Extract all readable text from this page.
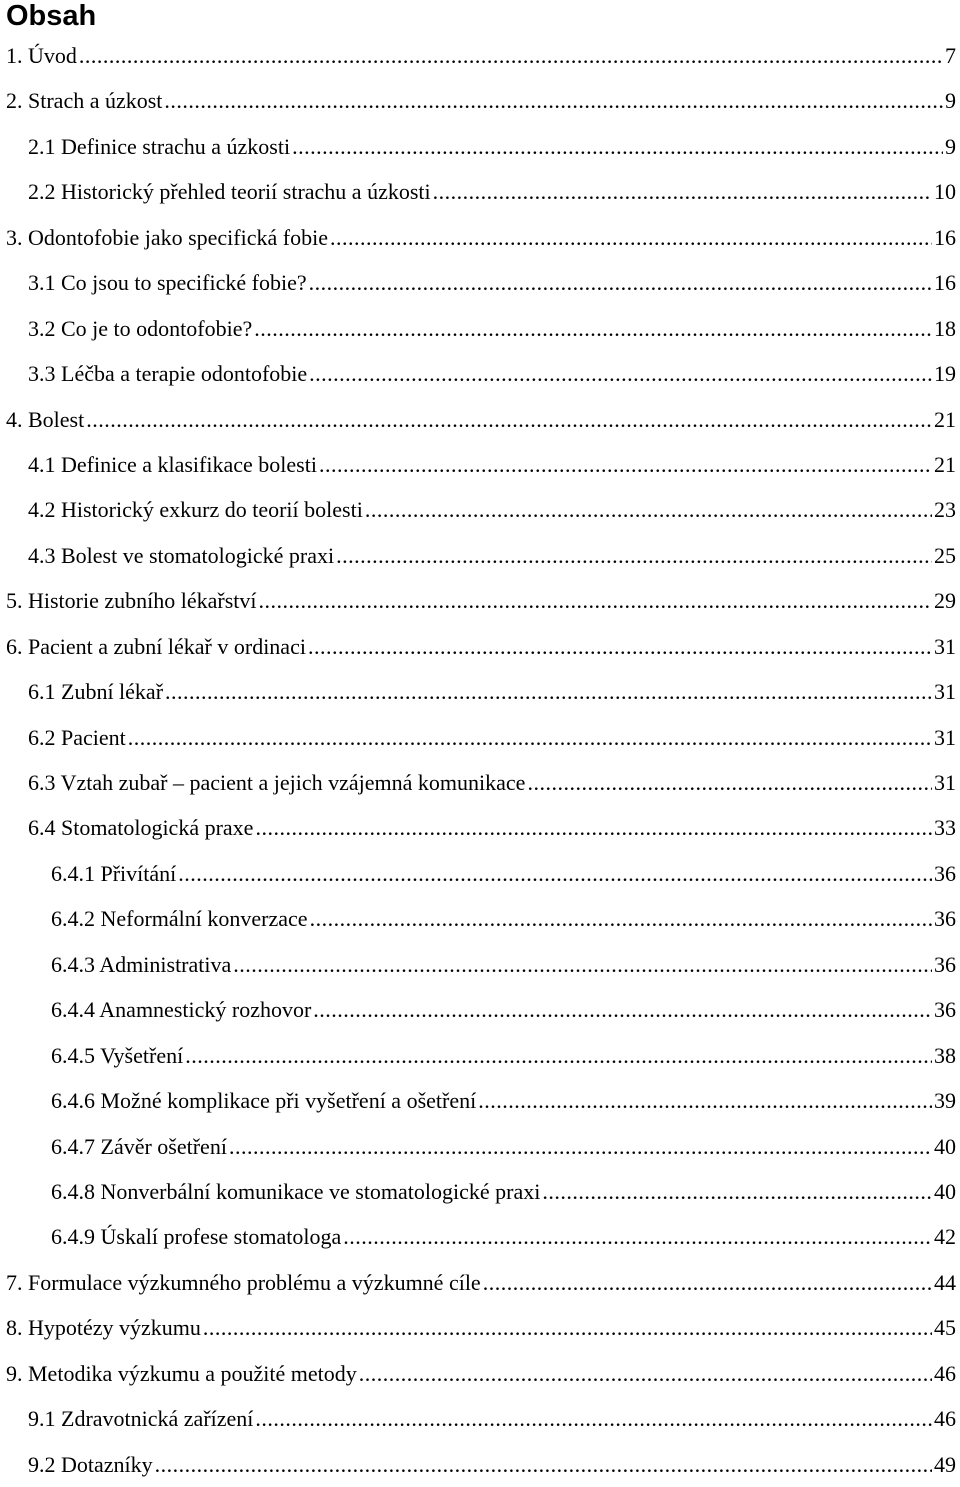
Obsah
1. Úvod .....	7
2. Strach a úzkost .....	9
2.1 Definice strachu a úzkosti .....	9
2.2 Historický přehled teorií strachu a úzkosti .....	10
3. Odontofobie jako specifická fobie .....	16
3.1 Co jsou to specifické fobie? .....	16
3.2 Co je to odontofobie? .....	18
3.3 Léčba a terapie odontofobie .....	19
4. Bolest .....	21
4.1 Definice a klasifikace bolesti .....	21
4.2 Historický exkurz do teorií bolesti .....	23
4.3 Bolest ve stomatologické praxi .....	25
5. Historie zubního lékařství .....	29
6. Pacient a zubní lékař v ordinaci .....	31
6.1 Zubní lékař .....	31
6.2 Pacient .....	31
6.3 Vztah zubař – pacient a jejich vzájemná komunikace .....	31
6.4 Stomatologická praxe .....	33
6.4.1 Přivítání .....	36
6.4.2 Neformální konverzace .....	36
6.4.3 Administrativa .....	36
6.4.4 Anamnestický rozhovor .....	36
6.4.5 Vyšetření .....	38
6.4.6 Možné komplikace při vyšetření a ošetření .....	39
6.4.7 Závěr ošetření .....	40
6.4.8 Nonverbální komunikace ve stomatologické praxi .....	40
6.4.9 Úskalí profese stomatologa .....	42
7. Formulace výzkumného problému a výzkumné cíle .....	44
8. Hypotézy výzkumu .....	45
9. Metodika výzkumu a použité metody .....	46
9.1 Zdravotnická zařízení .....	46
9.2 Dotazníky .....	49
